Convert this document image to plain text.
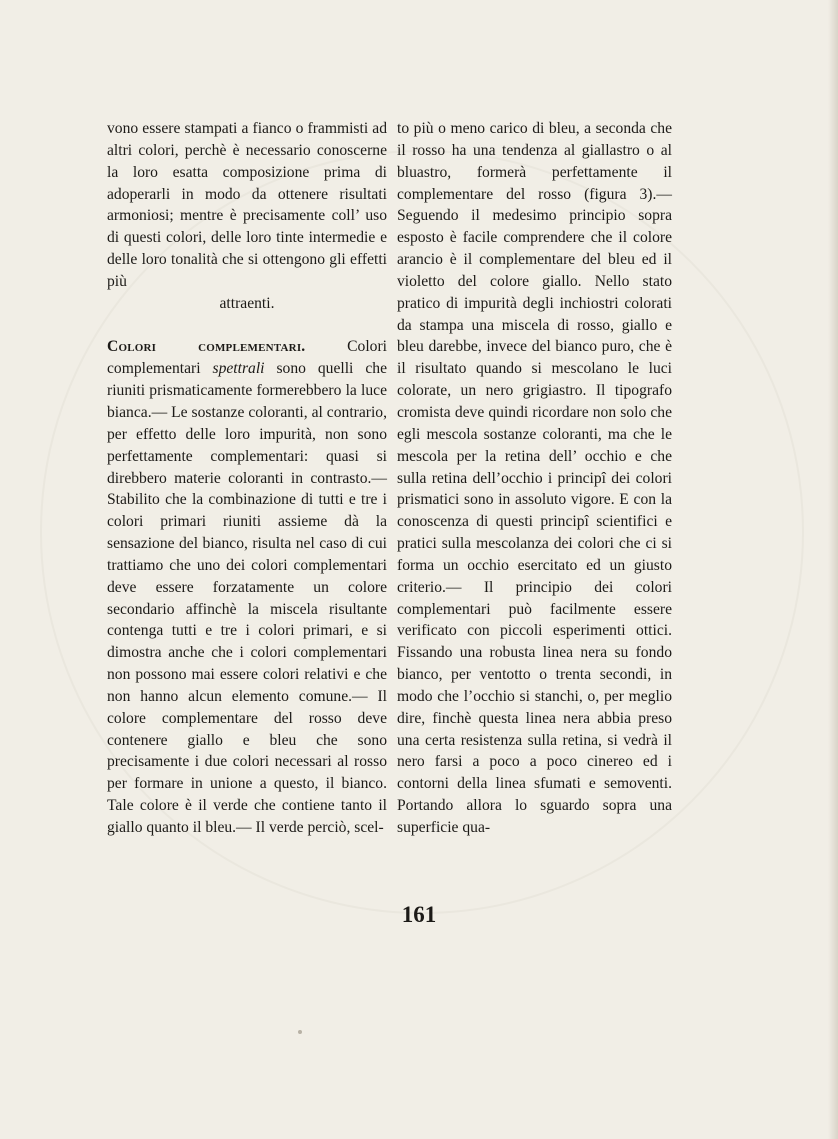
vono essere stampati a fianco o frammisti ad altri colori, perchè è necessario conoscerne la loro esatta composizione prima di adoperarli in modo da ottenere risultati armoniosi; mentre è precisamente coll’ uso di questi colori, delle loro tinte intermedie e delle loro tonalità che si ottengono gli effetti più
attraenti.

Colori complementari. Colori complementari spettrali sono quelli che riuniti prismaticamente formerebbero la luce bianca.— Le sostanze coloranti, al contrario, per effetto delle loro impurità, non sono perfettamente complementari: quasi si direbbero materie coloranti in contrasto.— Stabilito che la combinazione di tutti e tre i colori primari riuniti assieme dà la sensazione del bianco, risulta nel caso di cui trattiamo che uno dei colori complementari deve essere forzatamente un colore secondario affinchè la miscela risultante contenga tutti e tre i colori primari, e si dimostra anche che i colori complementari non possono mai essere colori relativi e che non hanno alcun elemento comune.— Il colore complementare del rosso deve contenere giallo e bleu che sono precisamente i due colori necessari al rosso per formare in unione a questo, il bianco. Tale colore è il verde che contiene tanto il giallo quanto il bleu.— Il verde perciò, scel-

to più o meno carico di bleu, a seconda che il rosso ha una tendenza al giallastro o al bluastro, formerà perfettamente il complementare del rosso (figura 3).— Seguendo il medesimo principio sopra esposto è facile comprendere che il colore arancio è il complementare del bleu ed il violetto del colore giallo. Nello stato pratico di impurità degli inchiostri colorati da stampa una miscela di rosso, giallo e bleu darebbe, invece del bianco puro, che è il risultato quando si mescolano le luci colorate, un nero grigiastro. Il tipografo cromista deve quindi ricordare non solo che egli mescola sostanze coloranti, ma che le mescola per la retina dell’ occhio e che sulla retina dell’occhio i principî dei colori prismatici sono in assoluto vigore. E con la conoscenza di questi principî scientifici e pratici sulla mescolanza dei colori che ci si forma un occhio esercitato ed un giusto criterio.— Il principio dei colori complementari può facilmente essere verificato con piccoli esperimenti ottici. Fissando una robusta linea nera su fondo bianco, per ventotto o trenta secondi, in modo che l’occhio si stanchi, o, per meglio dire, finchè questa linea nera abbia preso una certa resistenza sulla retina, si vedrà il nero farsi a poco a poco cinereo ed i contorni della linea sfumati e semoventi. Portando allora lo sguardo sopra una superficie qua-

161
